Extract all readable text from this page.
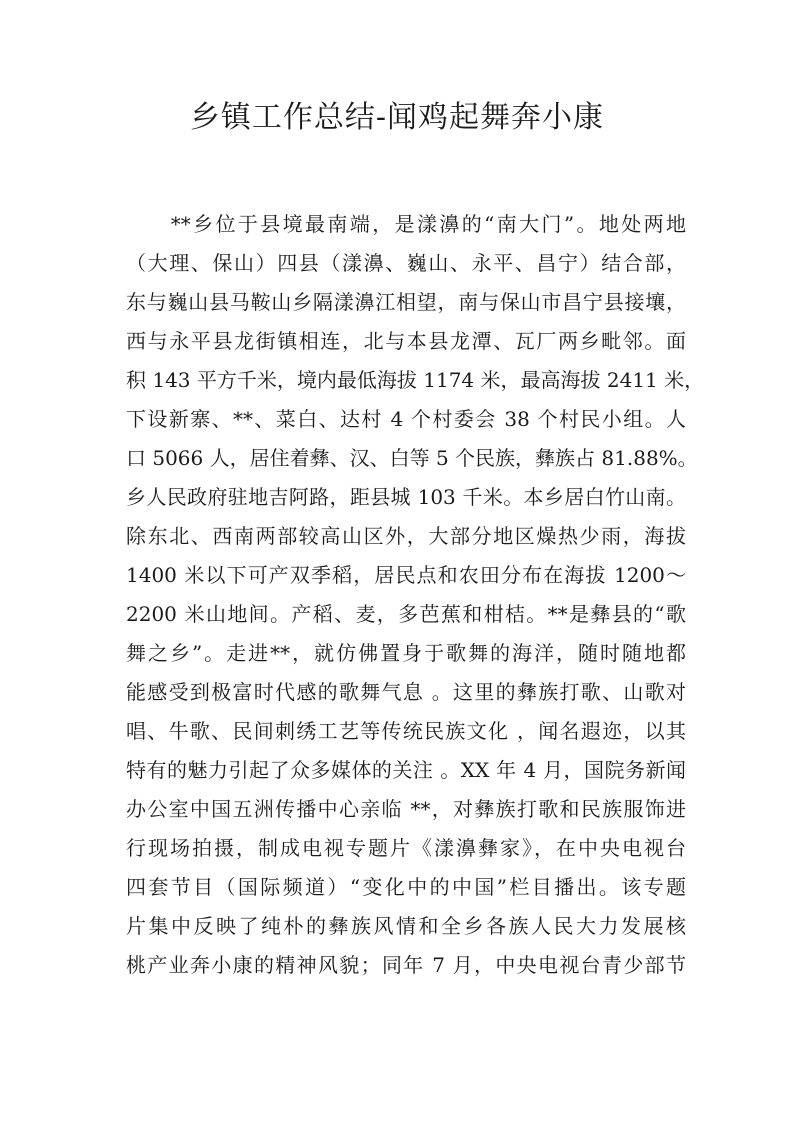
乡镇工作总结-闻鸡起舞奔小康
　　**乡位于县境最南端，是漾濞的“南大门”。地处两地
（大理、保山）四县（漾濞、巍山、永平、昌宁）结合部，
东与巍山县马鞍山乡隔漾濞江相望，南与保山市昌宁县接壤，
西与永平县龙街镇相连，北与本县龙潭、瓦厂两乡毗邻。面
积 143 平方千米，境内最低海拔 1174 米，最高海拔 2411 米，
下设新寨、**、菜白、达村 4 个村委会 38 个村民小组。人
口 5066 人，居住着彝、汉、白等 5 个民族，彝族占 81.88%。
乡人民政府驻地吉阿路，距县城 103 千米。本乡居白竹山南。
除东北、西南两部较高山区外，大部分地区燥热少雨，海拔
1400 米以下可产双季稻，居民点和农田分布在海拔 1200～
2200 米山地间。产稻、麦，多芭蕉和柑桔。**是彝县的“歌
舞之乡”。走进**，就仿佛置身于歌舞的海洋，随时随地都
能感受到极富时代感的歌舞气息 。这里的彝族打歌、山歌对
唱、牛歌、民间刺绣工艺等传统民族文化 ，闻名遐迩，以其
特有的魅力引起了众多媒体的关注 。XX 年 4 月，国院务新闻
办公室中国五洲传播中心亲临 **，对彝族打歌和民族服饰进
行现场拍摄，制成电视专题片《漾濞彝家》，在中央电视台
四套节目（国际频道）“变化中的中国”栏目播出。该专题
片集中反映了纯朴的彝族风情和全乡各族人民大力发展核
桃产业奔小康的精神风貌；同年 7 月，中央电视台青少部节
